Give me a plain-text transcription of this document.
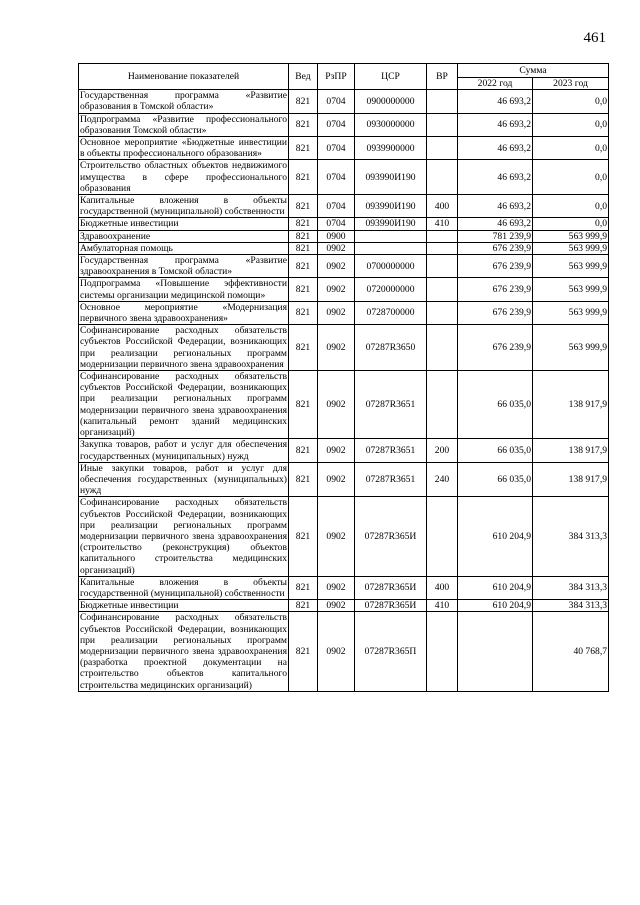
461
Наименование показателей	Вед	РзПР	ЦСР	ВР	Сумма	
					2022 год	2023 год
Государственная программа «Развитие образования в Томской области»	821	0704	0900000000		46 693,2	0,0
Подпрограмма «Развитие профессионального образования Томской области»	821	0704	0930000000		46 693,2	0,0
Основное мероприятие «Бюджетные инвестиции в объекты профессионального образования»	821	0704	0939900000		46 693,2	0,0
Строительство областных объектов недвижимого имущества в сфере профессионального образования	821	0704	093990И190		46 693,2	0,0
Капитальные вложения в объекты государственной (муниципальной) собственности	821	0704	093990И190	400	46 693,2	0,0
Бюджетные инвестиции	821	0704	093990И190	410	46 693,2	0,0
Здравоохранение	821	0900			781 239,9	563 999,9
Амбулаторная помощь	821	0902			676 239,9	563 999,9
Государственная программа «Развитие здравоохранения в Томской области»	821	0902	0700000000		676 239,9	563 999,9
Подпрограмма «Повышение эффективности системы организации медицинской помощи»	821	0902	0720000000		676 239,9	563 999,9
Основное мероприятие «Модернизация первичного звена здравоохранения»	821	0902	0728700000		676 239,9	563 999,9
Софинансирование расходных обязательств субъектов Российской Федерации, возникающих при реализации региональных программ модернизации первичного звена здравоохранения	821	0902	07287R3650		676 239,9	563 999,9
Софинансирование расходных обязательств субъектов Российской Федерации, возникающих при реализации региональных программ модернизации первичного звена здравоохранения (капитальный ремонт зданий медицинских организаций)	821	0902	07287R3651		66 035,0	138 917,9
Закупка товаров, работ и услуг для обеспечения государственных (муниципальных) нужд	821	0902	07287R3651	200	66 035,0	138 917,9
Иные закупки товаров, работ и услуг для обеспечения государственных (муниципальных) нужд	821	0902	07287R3651	240	66 035,0	138 917,9
Софинансирование расходных обязательств субъектов Российской Федерации, возникающих при реализации региональных программ модернизации первичного звена здравоохранения (строительство (реконструкция) объектов капитального строительства медицинских организаций)	821	0902	07287R365И		610 204,9	384 313,3
Капитальные вложения в объекты государственной (муниципальной) собственности	821	0902	07287R365И	400	610 204,9	384 313,3
Бюджетные инвестиции	821	0902	07287R365И	410	610 204,9	384 313,3
Софинансирование расходных обязательств субъектов Российской Федерации, возникающих при реализации региональных программ модернизации первичного звена здравоохранения (разработка проектной документации на строительство объектов капитального строительства медицинских организаций)	821	0902	07287R365П			40 768,7
